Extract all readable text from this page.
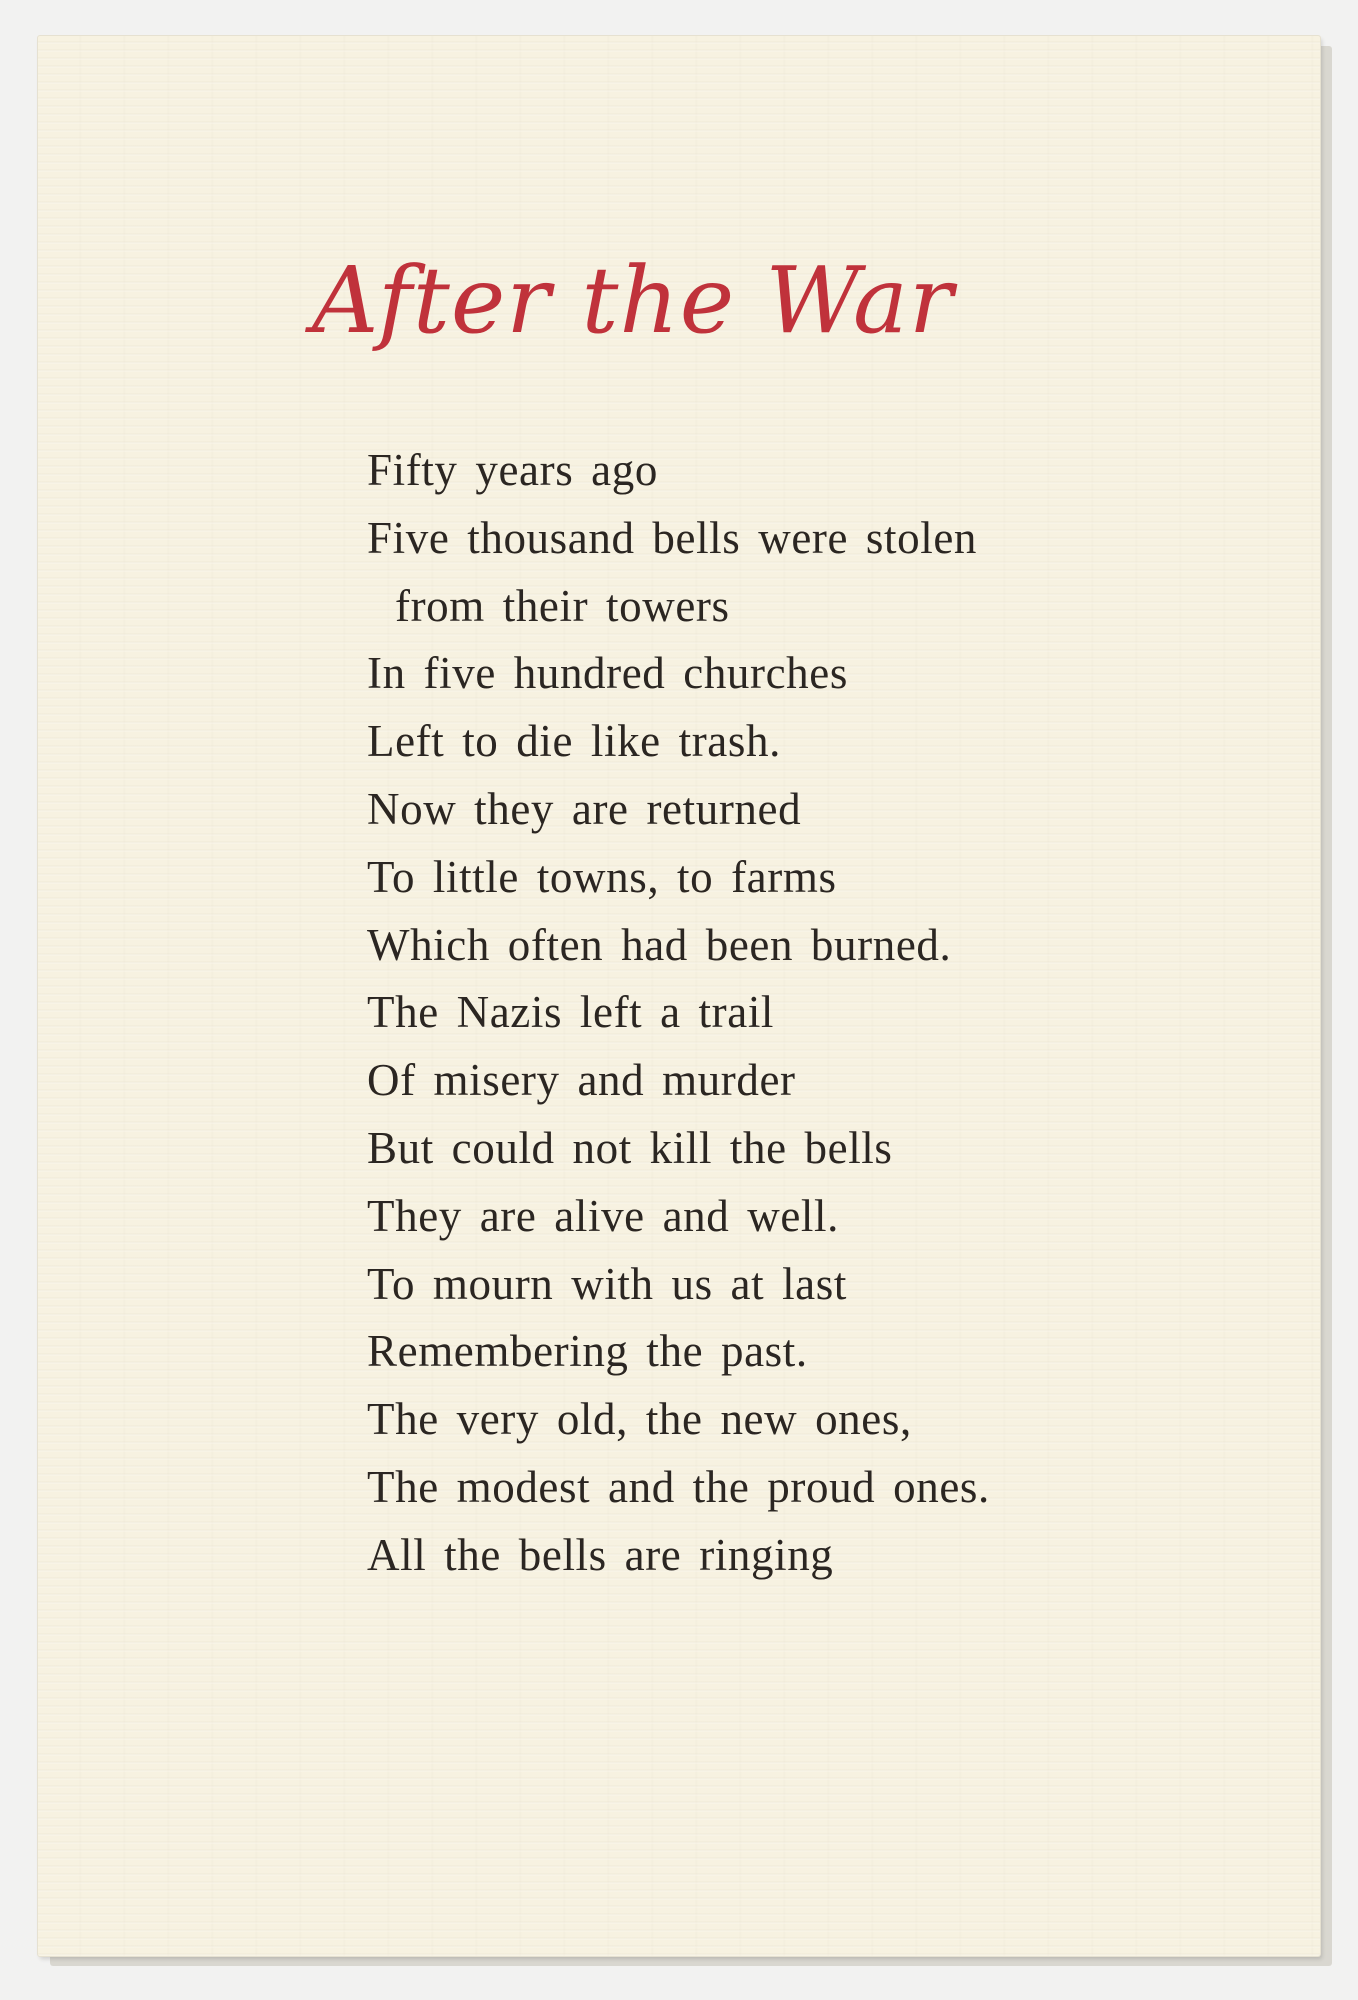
After the War
Fifty years ago
Five thousand bells were stolen
from their towers
In five hundred churches
Left to die like trash.
Now they are returned
To little towns, to farms
Which often had been burned.
The Nazis left a trail
Of misery and murder
But could not kill the bells
They are alive and well.
To mourn with us at last
Remembering the past.
The very old, the new ones,
The modest and the proud ones.
All the bells are ringing
